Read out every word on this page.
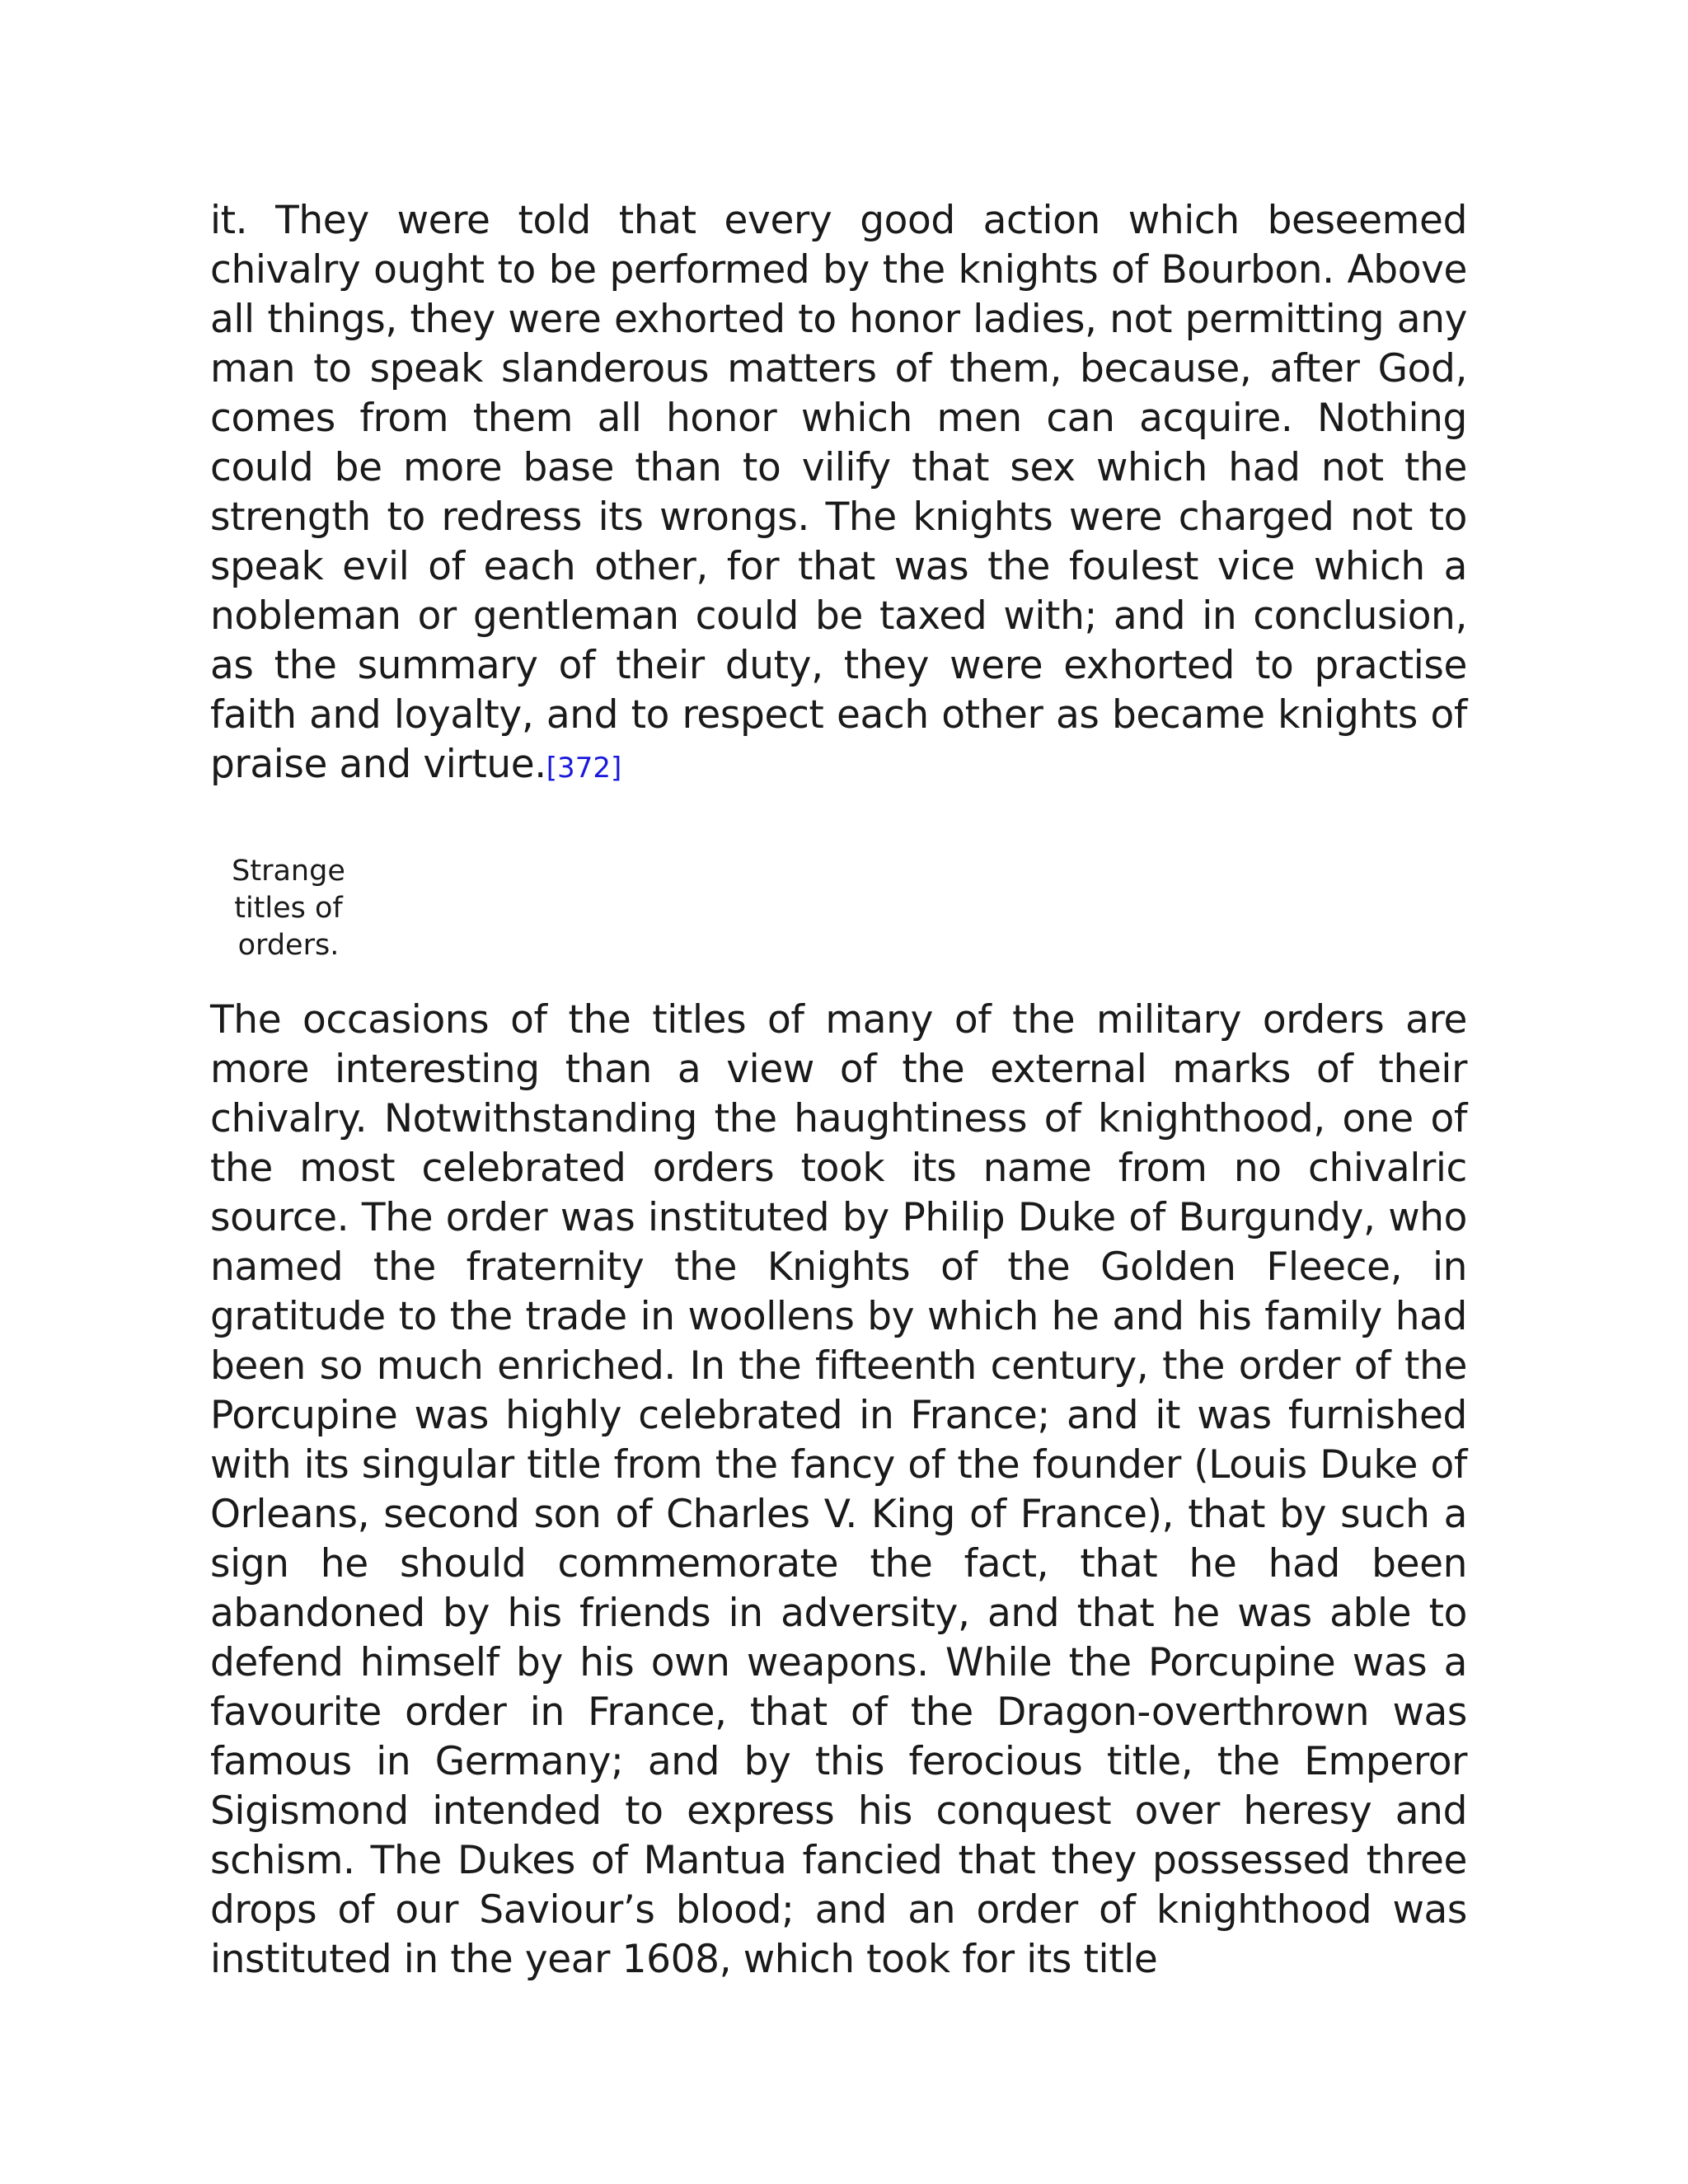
it. They were told that every good action which beseemed chivalry ought to be performed by the knights of Bourbon. Above all things, they were exhorted to honor ladies, not permitting any man to speak slanderous matters of them, because, after God, comes from them all honor which men can acquire. Nothing could be more base than to vilify that sex which had not the strength to redress its wrongs. The knights were charged not to speak evil of each other, for that was the foulest vice which a nobleman or gentleman could be taxed with; and in conclusion, as the summary of their duty, they were exhorted to practise faith and loyalty, and to respect each other as became knights of praise and virtue.[372]

Strange titles of orders.

The occasions of the titles of many of the military orders are more interesting than a view of the external marks of their chivalry. Notwithstanding the haughtiness of knighthood, one of the most celebrated orders took its name from no chivalric source. The order was instituted by Philip Duke of Burgundy, who named the fraternity the Knights of the Golden Fleece, in gratitude to the trade in woollens by which he and his family had been so much enriched. In the fifteenth century, the order of the Porcupine was highly celebrated in France; and it was furnished with its singular title from the fancy of the founder (Louis Duke of Orleans, second son of Charles V. King of France), that by such a sign he should commemorate the fact, that he had been abandoned by his friends in adversity, and that he was able to defend himself by his own weapons. While the Porcupine was a favourite order in France, that of the Dragon-overthrown was famous in Germany; and by this ferocious title, the Emperor Sigismond intended to express his conquest over heresy and schism. The Dukes of Mantua fancied that they possessed three drops of our Saviour’s blood; and an order of knighthood was instituted in the year 1608, which took for its title
